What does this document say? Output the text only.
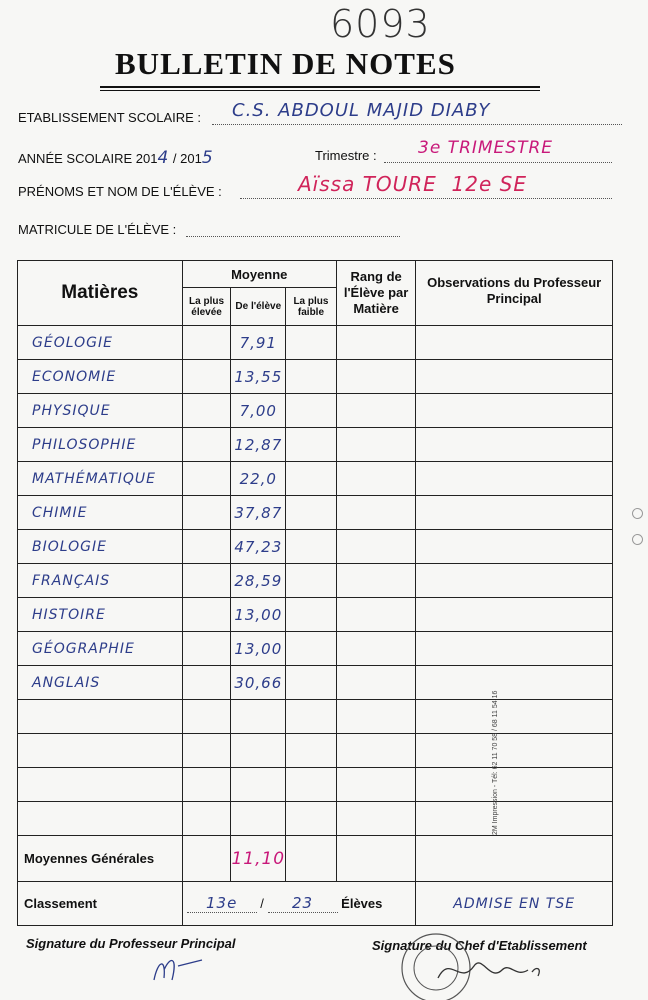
6093
BULLETIN DE NOTES
ETABLISSEMENT SCOLAIRE : C.S. ABDOUL MAJID DIABY
ANNÉE SCOLAIRE 2014 / 2015	Trimestre : 3e TRIMESTRE
PRÉNOMS ET NOM DE L'ÉLÈVE :	Aïssa TOURE  12e SE
MATRICULE DE L'ÉLÈVE :
Matières	Moyenne			Rang de l'Élève par Matière	Observations du Professeur Principal
	La plus élevée	De l'élève	La plus faible		
GÉOLOGIE		7,91			
ECONOMIE		13,55			
PHYSIQUE		7,00			
PHILOSOPHIE		12,87			
MATHÉMATIQUE		22,0			
CHIMIE		37,87			
BIOLOGIE		47,23			
FRANÇAIS		28,59			
HISTOIRE		13,00			
GÉOGRAPHIE		13,00			
ANGLAIS		30,66			

Moyennes Générales		11,10			
Classement	13e / 23 Élèves				ADMISE EN TSE
2M Impression - Tél: 62 11 70 58 / 68 11 54 16
Signature du Professeur Principal	Signature du Chef d'Etablissement
